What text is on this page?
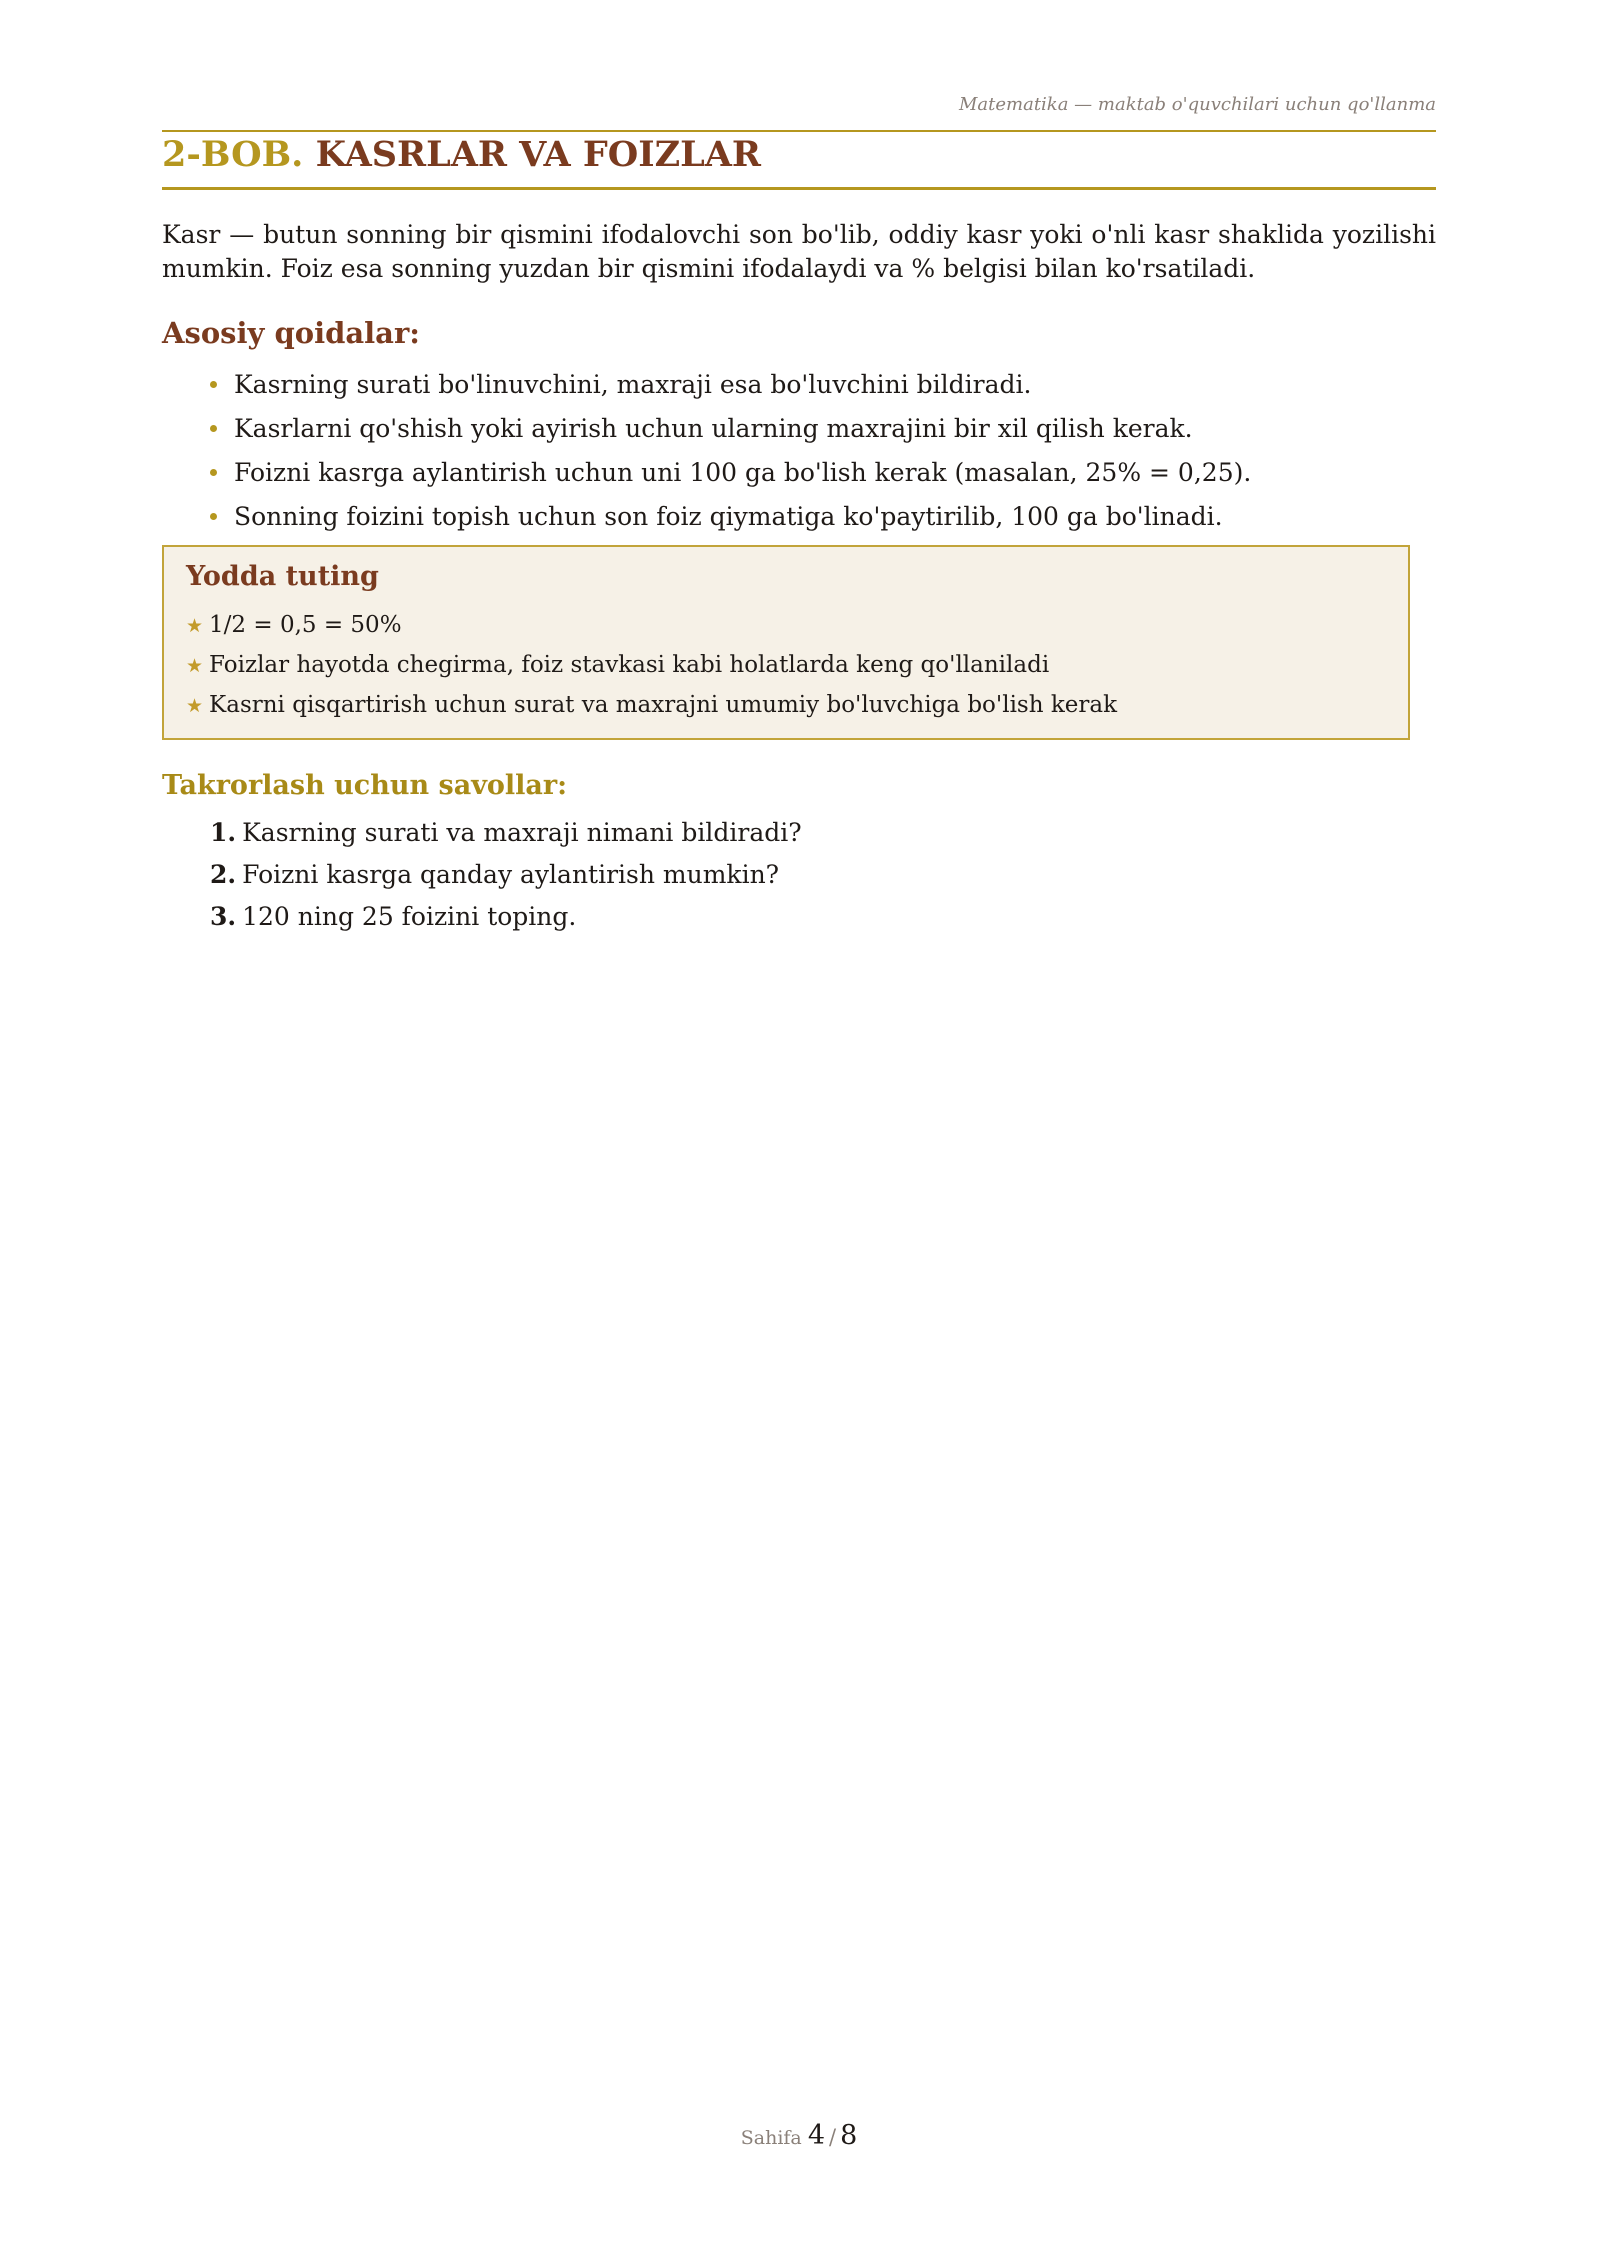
Matematika — maktab o'quvchilari uchun qo'llanma
2-BOB. KASRLAR VA FOIZLAR

Kasr — butun sonning bir qismini ifodalovchi son bo'lib, oddiy kasr yoki o'nli kasr shaklida yozilishi mumkin. Foiz esa sonning yuzdan bir qismini ifodalaydi va % belgisi bilan ko'rsatiladi.

Asosiy qoidalar:
Kasrning surati bo'linuvchini, maxraji esa bo'luvchini bildiradi.
Kasrlarni qo'shish yoki ayirish uchun ularning maxrajini bir xil qilish kerak.
Foizni kasrga aylantirish uchun uni 100 ga bo'lish kerak (masalan, 25% = 0,25).
Sonning foizini topish uchun son foiz qiymatiga ko'paytirilib, 100 ga bo'linadi.
Yodda tuting
★ 1/2 = 0,5 = 50%
★ Foizlar hayotda chegirma, foiz stavkasi kabi holatlarda keng qo'llaniladi
★ Kasrni qisqartirish uchun surat va maxrajni umumiy bo'luvchiga bo'lish kerak
Takrorlash uchun savollar:
1. Kasrning surati va maxraji nimani bildiradi?
2. Foizni kasrga qanday aylantirish mumkin?
3. 120 ning 25 foizini toping.
Sahifa 4 / 8
